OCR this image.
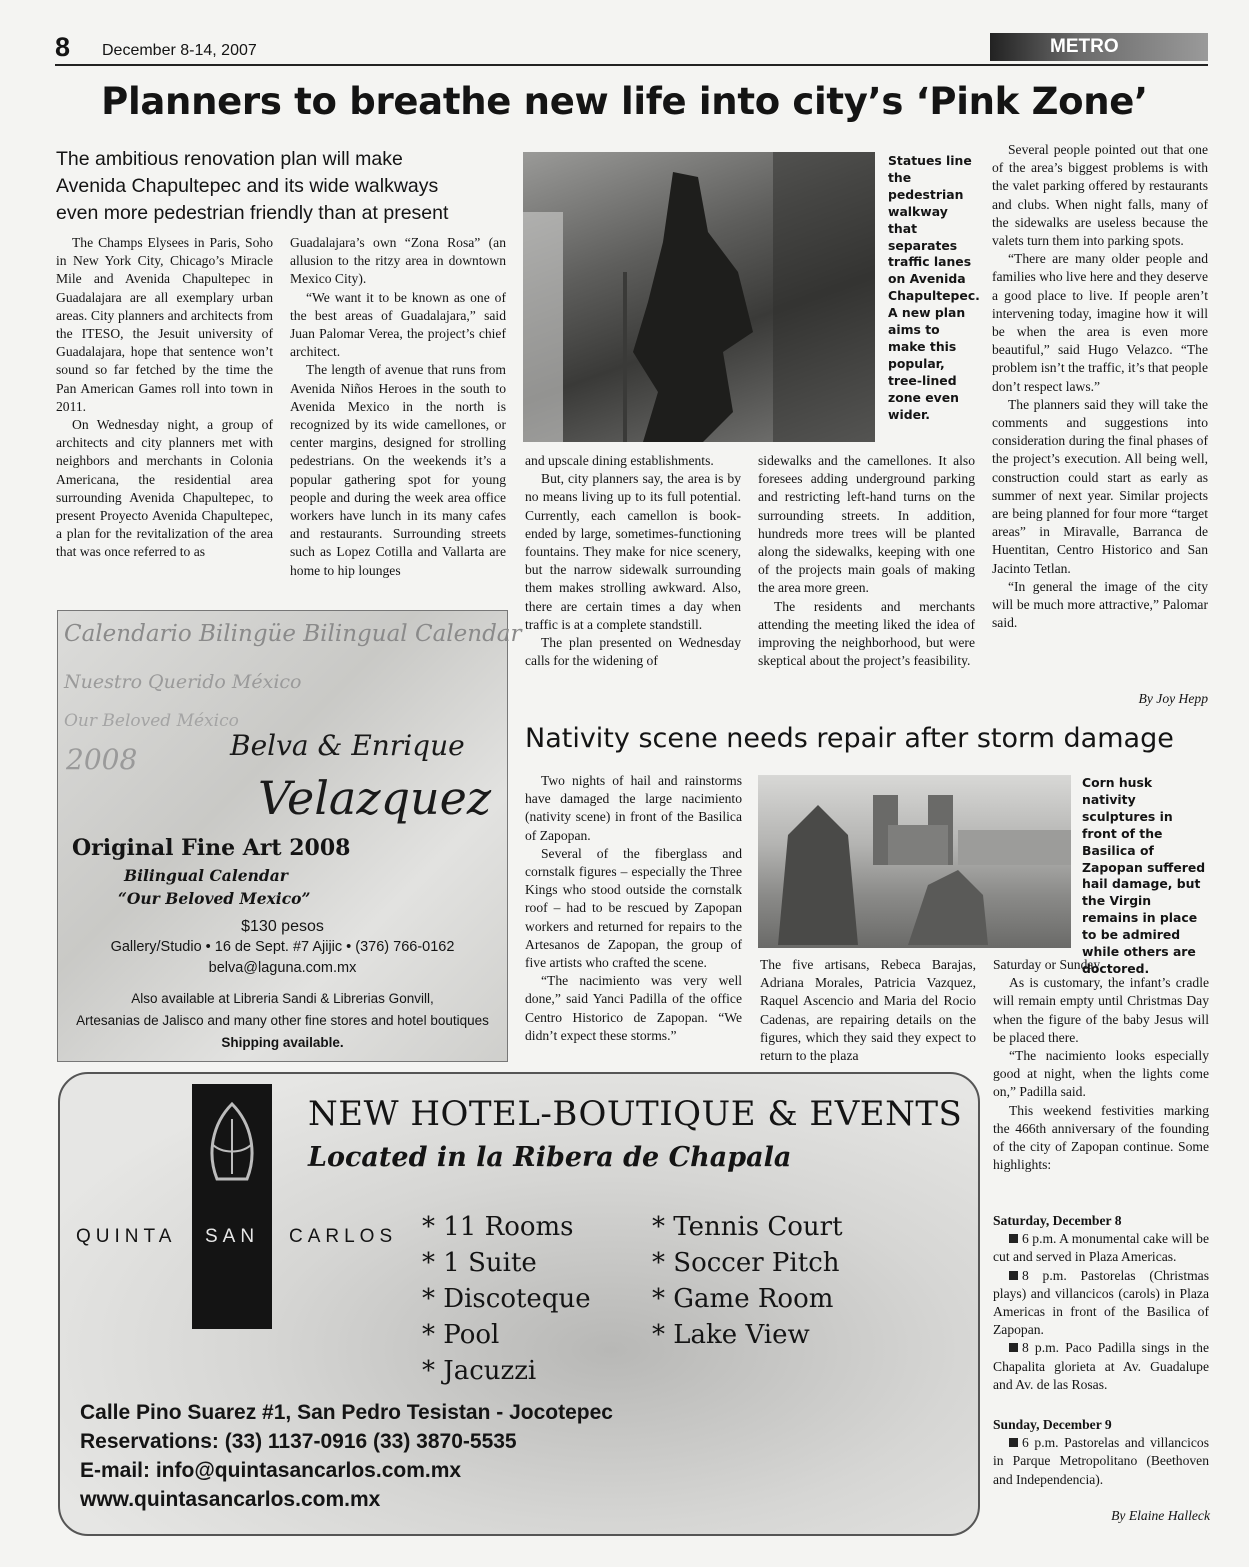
8 December 8-14, 2007	METRO
Planners to breathe new life into city’s ‘Pink Zone’
The ambitious renovation plan will make
Avenida Chapultepec and its wide walkways
even more pedestrian friendly than at present

The Champs Elysees in Paris, Soho in New York City, Chicago’s Miracle Mile and Avenida Chapultepec in Guadalajara are all exemplary urban areas. City planners and architects from the ITESO, the Jesuit university of Guadalajara, hope that sentence won’t sound so far fetched by the time the Pan American Games roll into town in 2011.

On Wednesday night, a group of architects and city planners met with neighbors and merchants in Colonia Americana, the residential area surrounding Avenida Chapultepec, to present Proyecto Avenida Chapultepec, a plan for the revitalization of the area that was once referred to as

Guadalajara’s own “Zona Rosa” (an allusion to the ritzy area in downtown Mexico City).

“We want it to be known as one of the best areas of Guadalajara,” said Juan Palomar Verea, the project’s chief architect.

The length of avenue that runs from Avenida Niños Heroes in the south to Avenida Mexico in the north is recognized by its wide camellones, or center margins, designed for strolling pedestrians. On the weekends it’s a popular gathering spot for young people and during the week area office workers have lunch in its many cafes and restaurants. Surrounding streets such as Lopez Cotilla and Vallarta are home to hip lounges

Statues line the pedestrian walkway that separates traffic lanes on Avenida Chapultepec. A new plan aims to make this popular, tree-lined zone even wider.

and upscale dining establishments.

But, city planners say, the area is by no means living up to its full potential. Currently, each camellon is book-ended by large, sometimes-functioning fountains. They make for nice scenery, but the narrow sidewalk surrounding them makes strolling awkward. Also, there are certain times a day when traffic is at a complete standstill.

The plan presented on Wednesday calls for the widening of

sidewalks and the camellones. It also foresees adding underground parking and restricting left-hand turns on the surrounding streets. In addition, hundreds more trees will be planted along the sidewalks, keeping with one of the projects main goals of making the area more green.

The residents and merchants attending the meeting liked the idea of improving the neighborhood, but were skeptical about the project’s feasibility.

Several people pointed out that one of the area’s biggest problems is with the valet parking offered by restaurants and clubs. When night falls, many of the sidewalks are useless because the valets turn them into parking spots.

“There are many older people and families who live here and they deserve a good place to live. If people aren’t intervening today, imagine how it will be when the area is even more beautiful,” said Hugo Velazco. “The problem isn’t the traffic, it’s that people don’t respect laws.”

The planners said they will take the comments and suggestions into consideration during the final phases of the project’s execution. All being well, construction could start as early as summer of next year. Similar projects are being planned for four more “target areas” in Miravalle, Barranca de Huentitan, Centro Historico and San Jacinto Tetlan.

“In general the image of the city will be much more attractive,” Palomar said.

By Joy Hepp
Calendario Bilingüe Bilingual Calendar
Nuestro Querido México
Our Beloved México
2008	Belva & Enrique
Velazquez
Original Fine Art 2008
Bilingual Calendar
“Our Beloved Mexico”
$130 pesos
Gallery/Studio • 16 de Sept. #7 Ajijic • (376) 766-0162
belva@laguna.com.mx
Also available at Libreria Sandi & Librerias Gonvill,
Artesanias de Jalisco and many other fine stores and hotel boutiques
Shipping available.
Nativity scene needs repair after storm damage

Two nights of hail and rainstorms have damaged the large nacimiento (nativity scene) in front of the Basilica of Zapopan.

Several of the fiberglass and cornstalk figures – especially the Three Kings who stood outside the cornstalk roof – had to be rescued by Zapopan workers and returned for repairs to the Artesanos de Zapopan, the group of five artists who crafted the scene.

“The nacimiento was very well done,” said Yanci Padilla of the office Centro Historico de Zapopan. “We didn’t expect these storms.”

Corn husk nativity sculptures in front of the Basilica of Zapopan suffered hail damage, but the Virgin remains in place to be admired while others are doctored.

The five artisans, Rebeca Barajas, Adriana Morales, Patricia Vazquez, Raquel Ascencio and Maria del Rocio Cadenas, are repairing details on the figures, which they said they expect to return to the plaza

Saturday or Sunday.

As is customary, the infant’s cradle will remain empty until Christmas Day when the figure of the baby Jesus will be placed there.

“The nacimiento looks especially good at night, when the lights come on,” Padilla said.

This weekend festivities marking the 466th anniversary of the founding of the city of Zapopan continue. Some highlights:

Saturday, December 8

6 p.m. A monumental cake will be cut and served in Plaza Americas.

8 p.m. Pastorelas (Christmas plays) and villancicos (carols) in Plaza Americas in front of the Basilica of Zapopan.

8 p.m. Paco Padilla sings in the Chapalita glorieta at Av. Guadalupe and Av. de las Rosas.

Sunday, December 9

6 p.m. Pastorelas and villancicos in Parque Metropolitano (Beethoven and Independencia).

By Elaine Halleck
QUINTA SAN CARLOS
NEW HOTEL-BOUTIQUE & EVENTS
Located in la Ribera de Chapala
* 11 Rooms
* 1 Suite
* Discoteque
* Pool
* Jacuzzi
* Tennis Court
* Soccer Pitch
* Game Room
* Lake View
Calle Pino Suarez #1, San Pedro Tesistan - Jocotepec
Reservations: (33) 1137-0916 (33) 3870-5535
E-mail: info@quintasancarlos.com.mx
www.quintasancarlos.com.mx
